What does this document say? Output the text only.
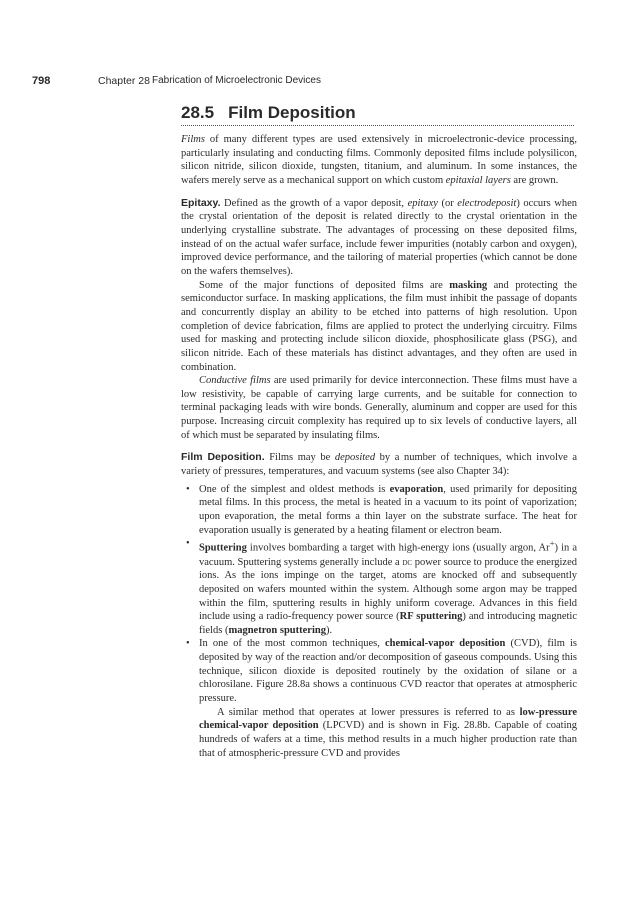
798	Chapter 28 Fabrication of Microelectronic Devices
28.5 Film Deposition

Films of many different types are used extensively in microelectronic-device processing, particularly insulating and conducting films. Commonly deposited films include polysilicon, silicon nitride, silicon dioxide, tungsten, titanium, and aluminum. In some instances, the wafers merely serve as a mechanical support on which custom epitaxial layers are grown.

Epitaxy. Defined as the growth of a vapor deposit, epitaxy (or electrodeposit) occurs when the crystal orientation of the deposit is related directly to the crystal orientation in the underlying crystalline substrate. The advantages of processing on these deposited films, instead of on the actual wafer surface, include fewer impurities (notably carbon and oxygen), improved device performance, and the tailoring of material properties (which cannot be done on the wafers themselves).

Some of the major functions of deposited films are masking and protecting the semiconductor surface. In masking applications, the film must inhibit the passage of dopants and concurrently display an ability to be etched into patterns of high resolution. Upon completion of device fabrication, films are applied to protect the underlying circuitry. Films used for masking and protecting include silicon dioxide, phosphosilicate glass (PSG), and silicon nitride. Each of these materials has distinct advantages, and they often are used in combination.

Conductive films are used primarily for device interconnection. These films must have a low resistivity, be capable of carrying large currents, and be suitable for connection to terminal packaging leads with wire bonds. Generally, aluminum and copper are used for this purpose. Increasing circuit complexity has required up to six levels of conductive layers, all of which must be separated by insulating films.

Film Deposition. Films may be deposited by a number of techniques, which involve a variety of pressures, temperatures, and vacuum systems (see also Chapter 34):

• One of the simplest and oldest methods is evaporation, used primarily for depositing metal films. In this process, the metal is heated in a vacuum to its point of vaporization; upon evaporation, the metal forms a thin layer on the substrate surface. The heat for evaporation usually is generated by a heating filament or electron beam.
• Sputtering involves bombarding a target with high-energy ions (usually argon, Ar+) in a vacuum. Sputtering systems generally include a dc power source to produce the energized ions. As the ions impinge on the target, atoms are knocked off and subsequently deposited on wafers mounted within the system. Although some argon may be trapped within the film, sputtering results in highly uniform coverage. Advances in this field include using a radio-frequency power source (RF sputtering) and introducing magnetic fields (magnetron sputtering).
• In one of the most common techniques, chemical-vapor deposition (CVD), film is deposited by way of the reaction and/or decomposition of gaseous compounds. Using this technique, silicon dioxide is deposited routinely by the oxidation of silane or a chlorosilane. Figure 28.8a shows a continuous CVD reactor that operates at atmospheric pressure.
A similar method that operates at lower pressures is referred to as low-pressure chemical-vapor deposition (LPCVD) and is shown in Fig. 28.8b. Capable of coating hundreds of wafers at a time, this method results in a much higher production rate than that of atmospheric-pressure CVD and provides
